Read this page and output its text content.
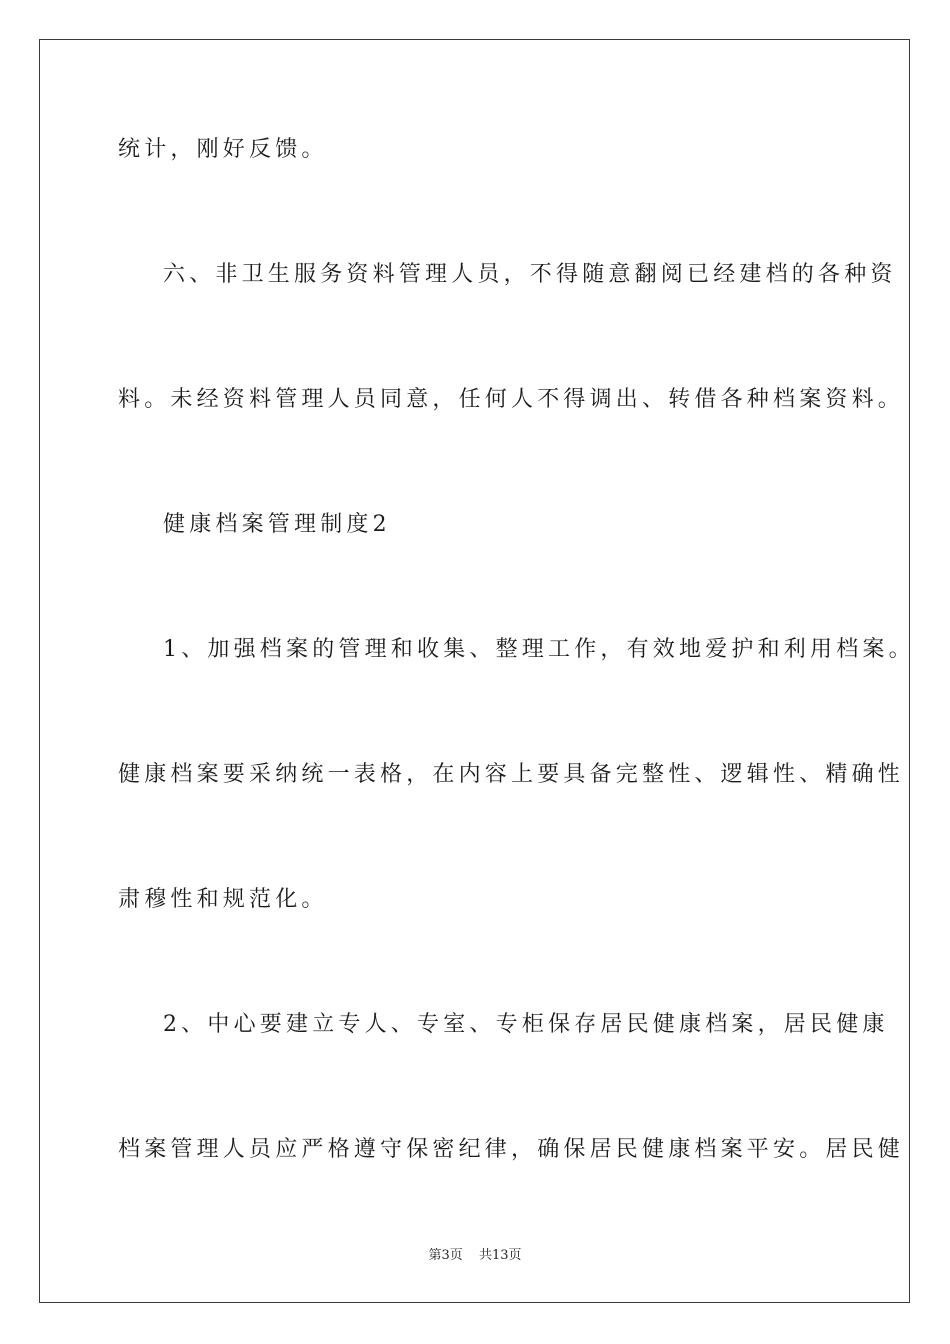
统计，刚好反馈。
六、非卫生服务资料管理人员，不得随意翻阅已经建档的各种资
料。未经资料管理人员同意，任何人不得调出、转借各种档案资料。
健康档案管理制度2
1、加强档案的管理和收集、整理工作，有效地爱护和利用档案。
健康档案要采纳统一表格，在内容上要具备完整性、逻辑性、精确性
肃穆性和规范化。
2、中心要建立专人、专室、专柜保存居民健康档案，居民健康
档案管理人员应严格遵守保密纪律，确保居民健康档案平安。居民健
第3页 共13页
